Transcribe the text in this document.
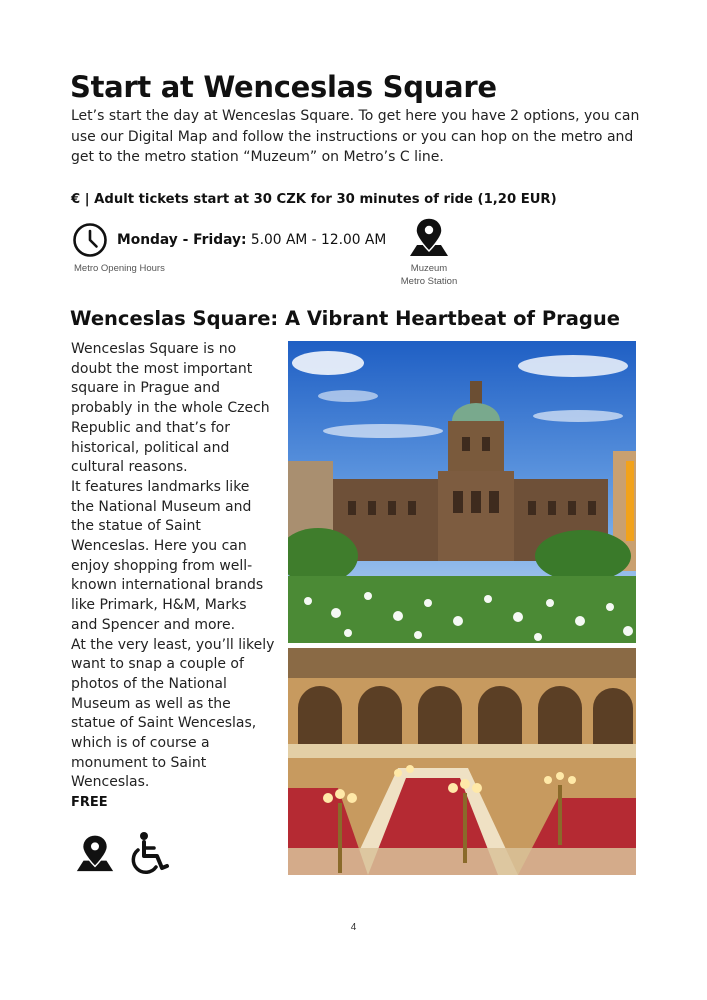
Start at Wenceslas Square

Let’s start the day at Wenceslas Square. To get here you have 2 options, you can use our Digital Map and follow the instructions or you can hop on the metro and get to the metro station “Muzeum” on Metro’s C line.

€ | Adult tickets start at 30 CZK for 30 minutes of ride (1,20 EUR)
Monday - Friday: 5.00 AM - 12.00 AM
Metro Opening Hours	Muzeum
Metro Station
Wenceslas Square: A Vibrant Heartbeat of Prague

Wenceslas Square is no doubt the most important square in Prague and probably in the whole Czech Republic and that’s for historical, political and cultural reasons.

It features landmarks like the National Museum and the statue of Saint Wenceslas. Here you can enjoy shopping from well-known international brands like Primark, H&M, Marks and Spencer and more.

At the very least, you’ll likely want to snap a couple of photos of the National Museum as well as the statue of Saint Wenceslas, which is of course a monument to Saint Wenceslas.

FREE
4
